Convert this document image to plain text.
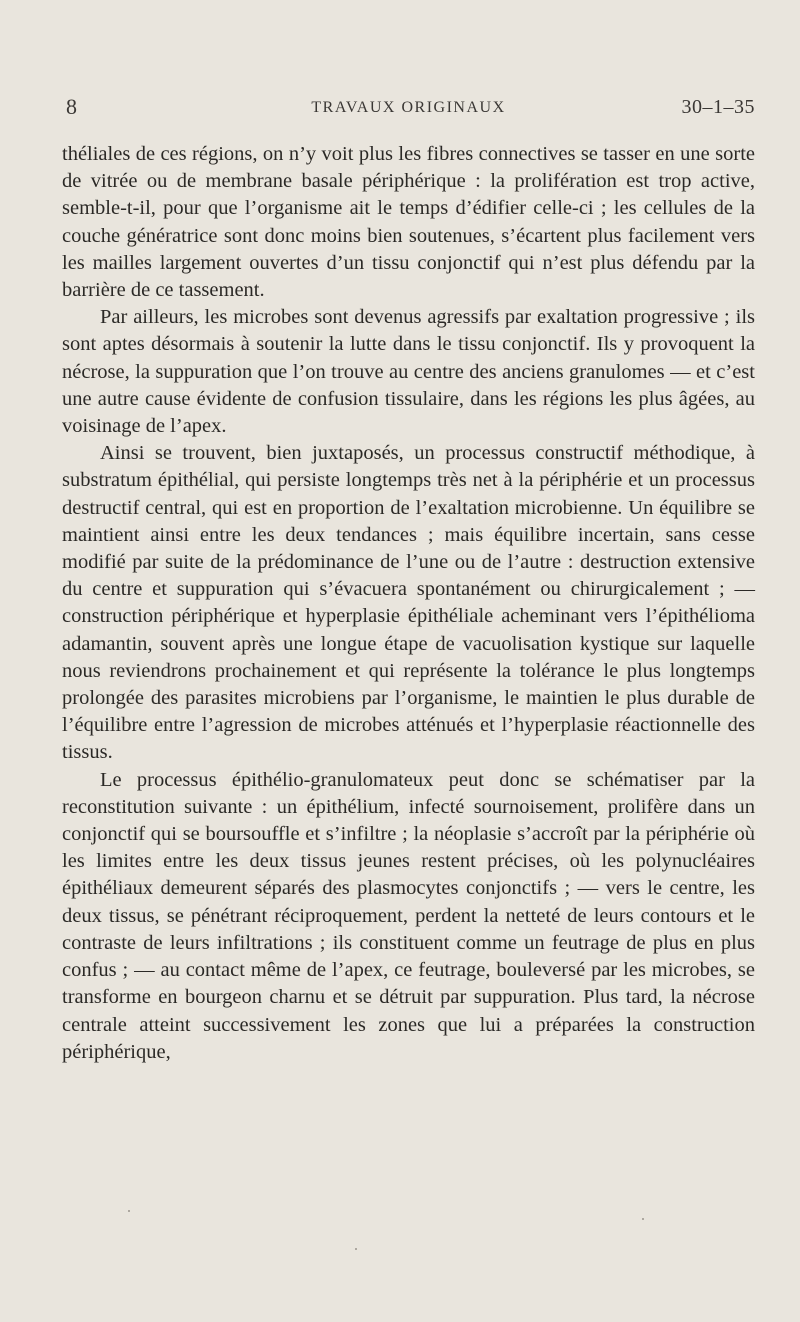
8	TRAVAUX ORIGINAUX	30–1–35

théliales de ces régions, on n’y voit plus les fibres connectives se tasser en une sorte de vitrée ou de membrane basale périphérique : la prolifération est trop active, semble-t-il, pour que l’organisme ait le temps d’édifier celle-ci ; les cellules de la couche génératrice sont donc moins bien soutenues, s’écartent plus facilement vers les mailles largement ouvertes d’un tissu conjonctif qui n’est plus défendu par la barrière de ce tassement.

Par ailleurs, les microbes sont devenus agressifs par exaltation progressive ; ils sont aptes désormais à soutenir la lutte dans le tissu conjonctif. Ils y provoquent la nécrose, la suppuration que l’on trouve au centre des anciens granulomes — et c’est une autre cause évidente de confusion tissulaire, dans les régions les plus âgées, au voisinage de l’apex.

Ainsi se trouvent, bien juxtaposés, un processus constructif méthodique, à substratum épithélial, qui persiste longtemps très net à la périphérie et un processus destructif central, qui est en proportion de l’exaltation microbienne. Un équilibre se maintient ainsi entre les deux tendances ; mais équilibre incertain, sans cesse modifié par suite de la prédominance de l’une ou de l’autre : destruction extensive du centre et suppuration qui s’évacuera spontanément ou chirurgicalement ; — construction périphérique et hyperplasie épithéliale acheminant vers l’épithélioma adamantin, souvent après une longue étape de vacuolisation kystique sur laquelle nous reviendrons prochainement et qui représente la tolérance le plus longtemps prolongée des parasites microbiens par l’organisme, le maintien le plus durable de l’équilibre entre l’agression de microbes atténués et l’hyperplasie réactionnelle des tissus.

Le processus épithélio-granulomateux peut donc se schématiser par la reconstitution suivante : un épithélium, infecté sournoisement, prolifère dans un conjonctif qui se boursouffle et s’infiltre ; la néoplasie s’accroît par la périphérie où les limites entre les deux tissus jeunes restent précises, où les polynucléaires épithéliaux demeurent séparés des plasmocytes conjonctifs ; — vers le centre, les deux tissus, se pénétrant réciproquement, perdent la netteté de leurs contours et le contraste de leurs infiltrations ; ils constituent comme un feutrage de plus en plus confus ; — au contact même de l’apex, ce feutrage, bouleversé par les microbes, se transforme en bourgeon charnu et se détruit par suppuration. Plus tard, la nécrose centrale atteint successivement les zones que lui a préparées la construction périphérique,
